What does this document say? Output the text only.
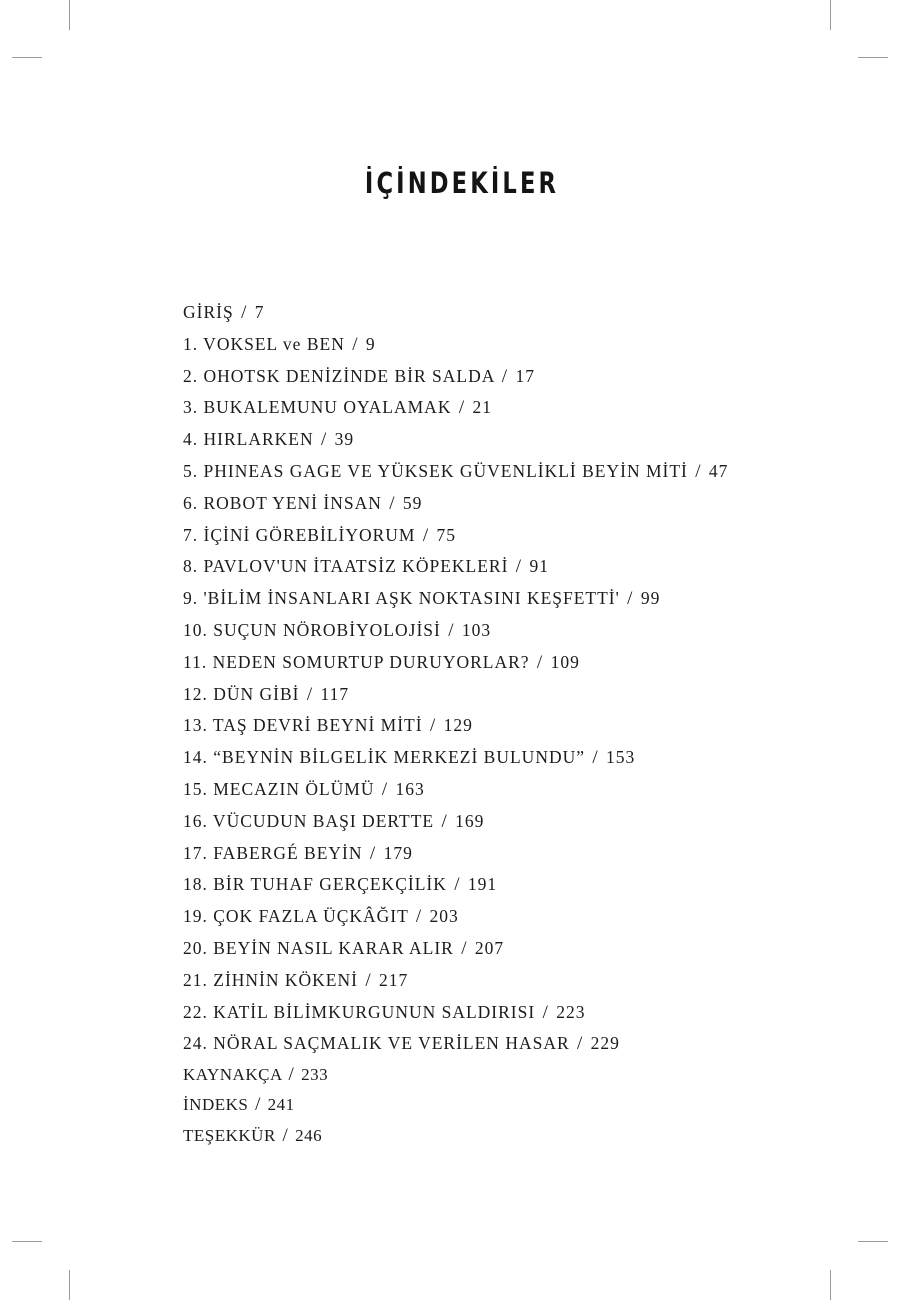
İÇİNDEKİLER
GİRİŞ / 7
1. VOKSEL ve BEN / 9
2. OHOTSK DENİZİNDE BİR SALDA / 17
3. BUKALEMUNU OYALAMAK / 21
4. HIRLARKEN / 39
5. PHINEAS GAGE VE YÜKSEK GÜVENLİKLİ BEYİN MİTİ / 47
6. ROBOT YENİ İNSAN / 59
7. İÇİNİ GÖREBİLİYORUM / 75
8. PAVLOV'UN İTAATSİZ KÖPEKLERİ / 91
9. 'BİLİM İNSANLARI AŞK NOKTASINI KEŞFETTİ' / 99
10. SUÇUN NÖROBİYOLOJİSİ / 103
11. NEDEN SOMURTUP DURUYORLAR? / 109
12. DÜN GİBİ / 117
13. TAŞ DEVRİ BEYNİ MİTİ / 129
14. “BEYNİN BİLGELİK MERKEZİ BULUNDU” / 153
15. MECAZIN ÖLÜMÜ / 163
16. VÜCUDUN BAŞI DERTTE / 169
17. FABERGÉ BEYİN / 179
18. BİR TUHAF GERÇEKÇİLİK / 191
19. ÇOK FAZLA ÜÇKÂĞIT / 203
20. BEYİN NASIL KARAR ALIR / 207
21. ZİHNİN KÖKENİ / 217
22. KATİL BİLİMKURGUNUN SALDIRISI / 223
24. NÖRAL SAÇMALIK VE VERİLEN HASAR / 229
KAYNAKÇA / 233
İNDEKS / 241
TEŞEKKÜR / 246
